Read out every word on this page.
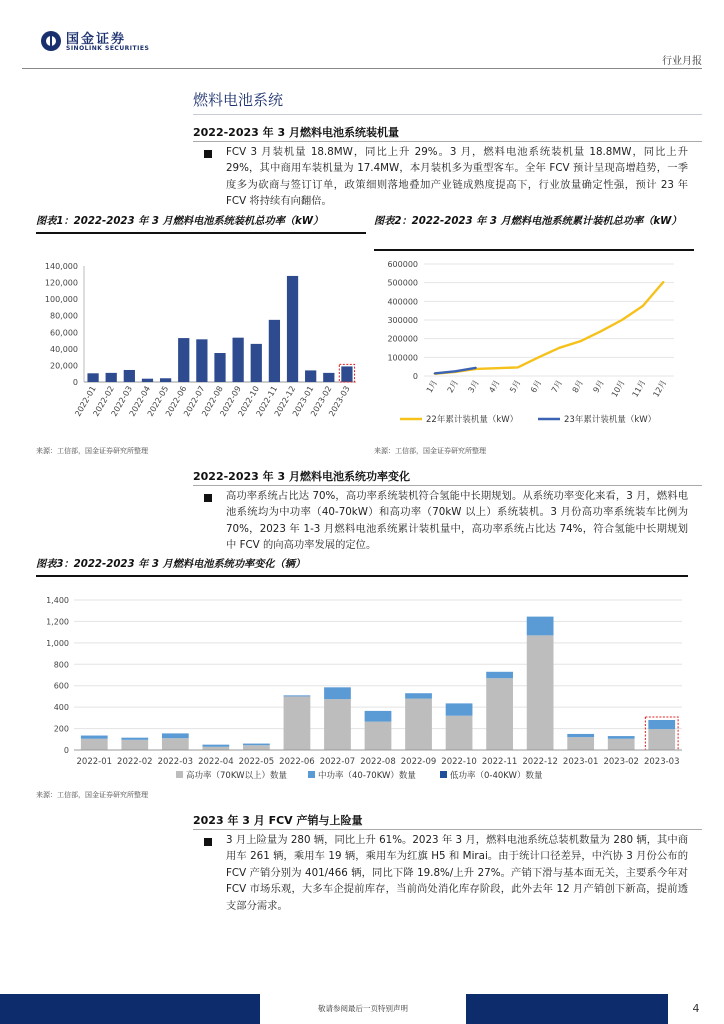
国金证券
SINOLINK SECURITIES
行业月报
燃料电池系统
2022-2023 年 3 月燃料电池系统装机量
FCV 3 月装机量 18.8MW，同比上升 29%。3 月，燃料电池系统装机量 18.8MW，同比上升 29%，其中商用车装机量为 17.4MW，本月装机多为重型客车。全年 FCV 预计呈现高增趋势，一季度多为砍商与签订订单，政策细则落地叠加产业链成熟度提高下，行业放量确定性强，预计 23 年 FCV 将持续有向翻倍。
图表1：2022-2023 年 3 月燃料电池系统装机总功率（kW）	图表2：2022-2023 年 3 月燃料电池系统累计装机总功率（kW）
0
20,000
40,000
60,000
80,000
100,000
120,000
140,000
2022-01
2022-02
2022-03
2022-04
2022-05
2022-06
2022-07
2022-08
2022-09
2022-10
2022-11
2022-12
2023-01
2023-02
2023-03
0
100000
200000
300000
400000
500000
600000
1月 2月 3月 4月 5月 6月 7月 8月 9月 10月 11月 12月
22年累计装机量（kW）	23年累计装机量（kW）
来源：工信部，国金证券研究所整理	来源：工信部，国金证券研究所整理
2022-2023 年 3 月燃料电池系统功率变化
高功率系统占比达 70%，高功率系统装机符合氢能中长期规划。从系统功率变化来看，3 月，燃料电池系统均为中功率（40-70kW）和高功率（70kW 以上）系统装机。3 月份高功率系统装车比例为 70%，2023 年 1-3 月燃料电池系统累计装机量中，高功率系统占比达 74%，符合氢能中长期规划中 FCV 的向高功率发展的定位。
图表3：2022-2023 年 3 月燃料电池系统功率变化（辆）
0
200
400
600
800
1,000
1,200
1,400
2022-01 2022-02 2022-03 2022-04 2022-05 2022-06 2022-07 2022-08 2022-09 2022-10 2022-11 2022-12 2023-01 2023-02 2023-03
高功率（70KW以上）数量	中功率（40-70KW）数量	低功率（0-40KW）数量
来源：工信部，国金证券研究所整理
2023 年 3 月 FCV 产销与上险量
3 月上险量为 280 辆，同比上升 61%。2023 年 3 月，燃料电池系统总装机数量为 280 辆，其中商用车 261 辆，乘用车 19 辆，乘用车为红旗 H5 和 Mirai。由于统计口径差异，中汽协 3 月份公布的 FCV 产销分别为 401/466 辆，同比下降 19.8%/上升 27%。产销下滑与基本面无关，主要系今年对 FCV 市场乐观，大多车企提前库存，当前尚处消化库存阶段，此外去年 12 月产销创下新高，提前透支部分需求。
敬请参阅最后一页特别声明	4
